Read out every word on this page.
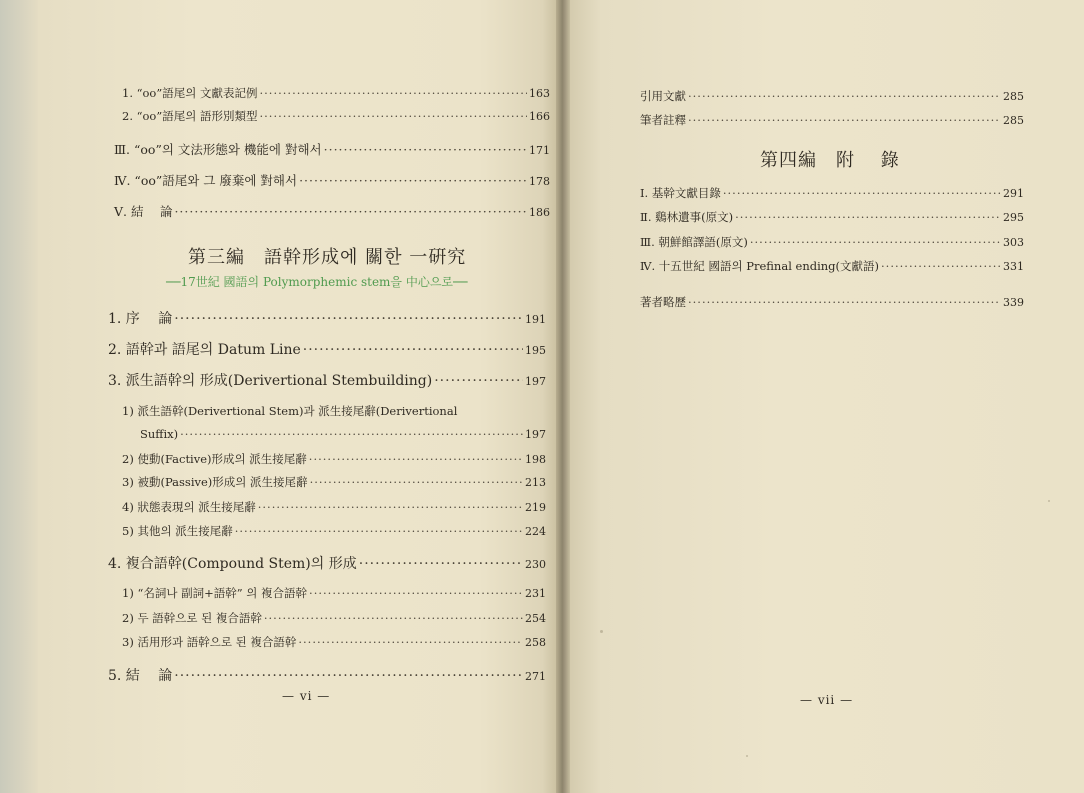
1. “οο”語尾의 文獻表記例 ·····	163
2. “οο”語尾의 語形別類型 ·····	166
Ⅲ. “οο”의 文法形態와 機能에 對해서 ·····	171
Ⅳ. “οο”語尾와 그 廢棄에 對해서 ·····	178
Ⅴ. 結　 論 ·····	186
第三編　語幹形成에 關한 一硏究
──17世紀 國語의 Polymorphemic stem을 中心으로──
1. 序　 論 ·····	191
2. 語幹과 語尾의 Datum Line ·····	195
3. 派生語幹의 形成(Derivertional Stembuilding) ·····	197
1) 派生語幹(Derivertional Stem)과 派生接尾辭(Derivertional
Suffix) ·····	197
2) 使動(Factive)形成의 派生接尾辭 ·····	198
3) 被動(Passive)形成의 派生接尾辭 ·····	213
4) 狀態表現의 派生接尾辭 ·····	219
5) 其他의 派生接尾辭 ·····	224
4. 複合語幹(Compound Stem)의 形成 ·····	230
1) “名詞나 副詞+語幹” 의 複合語幹 ·····	231
2) 두 語幹으로 된 複合語幹 ·····	254
3) 活用形과 語幹으로 된 複合語幹 ·····	258
5. 結　 論 ·····	271
— vi —
引用文獻 ·····	285
筆者註釋 ·····	285
第四編　附　 錄
Ⅰ. 基幹文獻目錄 ·····	291
Ⅱ. 鷄林遺事(原文) ·····	295
Ⅲ. 朝鮮館譯語(原文) ·····	303
Ⅳ. 十五世紀 國語의 Prefinal ending(文獻語) ·····	331
著者略歷 ·····	339
— vii —
